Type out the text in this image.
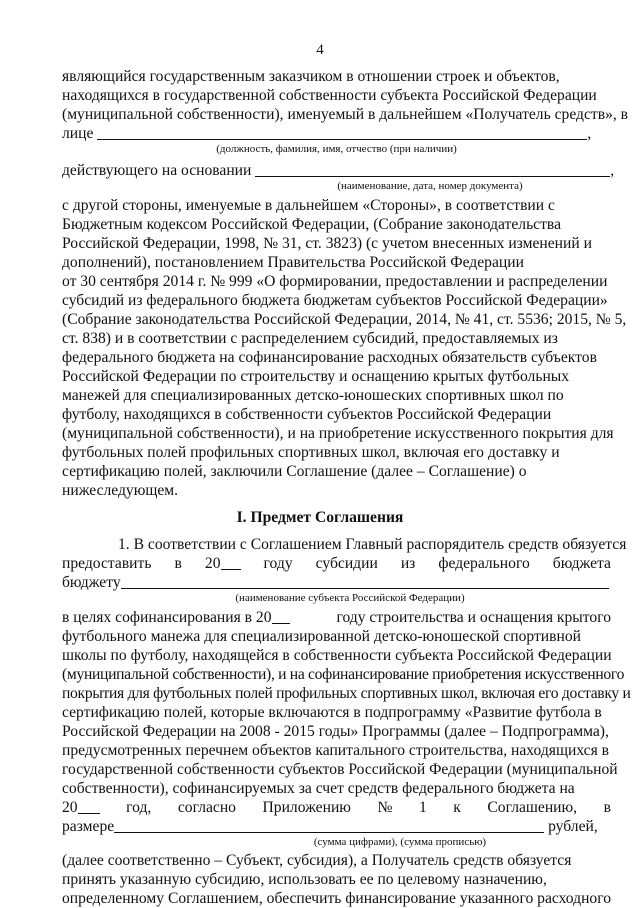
4
являющийся государственным заказчиком в отношении строек и объектов,
находящихся в государственной собственности субъекта Российской Федерации
(муниципальной собственности), именуемый в дальнейшем «Получатель средств», в
лице	,
(должность, фамилия, имя, отчество (при наличии)
действующего на основании	,
(наименование, дата, номер документа)
с другой стороны, именуемые в дальнейшем «Стороны», в соответствии с
Бюджетным кодексом Российской Федерации, (Собрание законодательства
Российской Федерации, 1998, № 31, ст. 3823) (с учетом внесенных изменений и
дополнений), постановлением Правительства Российской Федерации
от 30 сентября 2014 г. № 999 «О формировании, предоставлении и распределении
субсидий из федерального бюджета бюджетам субъектов Российской Федерации»
(Собрание законодательства Российской Федерации, 2014, № 41, ст. 5536; 2015, № 5,
ст. 838) и в соответствии с распределением субсидий, предоставляемых из
федерального бюджета на софинансирование расходных обязательств субъектов
Российской Федерации по строительству и оснащению крытых футбольных
манежей для специализированных детско-юношеских спортивных школ по
футболу, находящихся в собственности субъектов Российской Федерации
(муниципальной собственности), и на приобретение искусственного покрытия для
футбольных полей профильных спортивных школ, включая его доставку и
сертификацию полей, заключили Соглашение (далее – Соглашение) о
нижеследующем.
I. Предмет Соглашения
1. В соответствии с Соглашением Главный распорядитель средств обязуется
предоставить в 20	году субсидии из федерального бюджета
бюджету
(наименование субъекта Российской Федерации)
в целях софинансирования в 20	году строительства и оснащения крытого
футбольного манежа для специализированной детско-юношеской спортивной
школы по футболу, находящейся в собственности субъекта Российской Федерации
(муниципальной собственности), и на софинансирование приобретения искусственного
покрытия для футбольных полей профильных спортивных школ, включая его доставку и
сертификацию полей, которые включаются в подпрограмму «Развитие футбола в
Российской Федерации на 2008 - 2015 годы» Программы (далее – Подпрограмма),
предусмотренных перечнем объектов капитального строительства, находящихся в
государственной собственности субъектов Российской Федерации (муниципальной
собственности), софинансируемых за счет средств федерального бюджета на
20	год, согласно Приложению № 1 к Соглашению, в
размере	рублей,
(сумма цифрами), (сумма прописью)
(далее соответственно – Субъект, субсидия), а Получатель средств обязуется
принять указанную субсидию, использовать ее по целевому назначению,
определенному Соглашением, обеспечить финансирование указанного расходного
